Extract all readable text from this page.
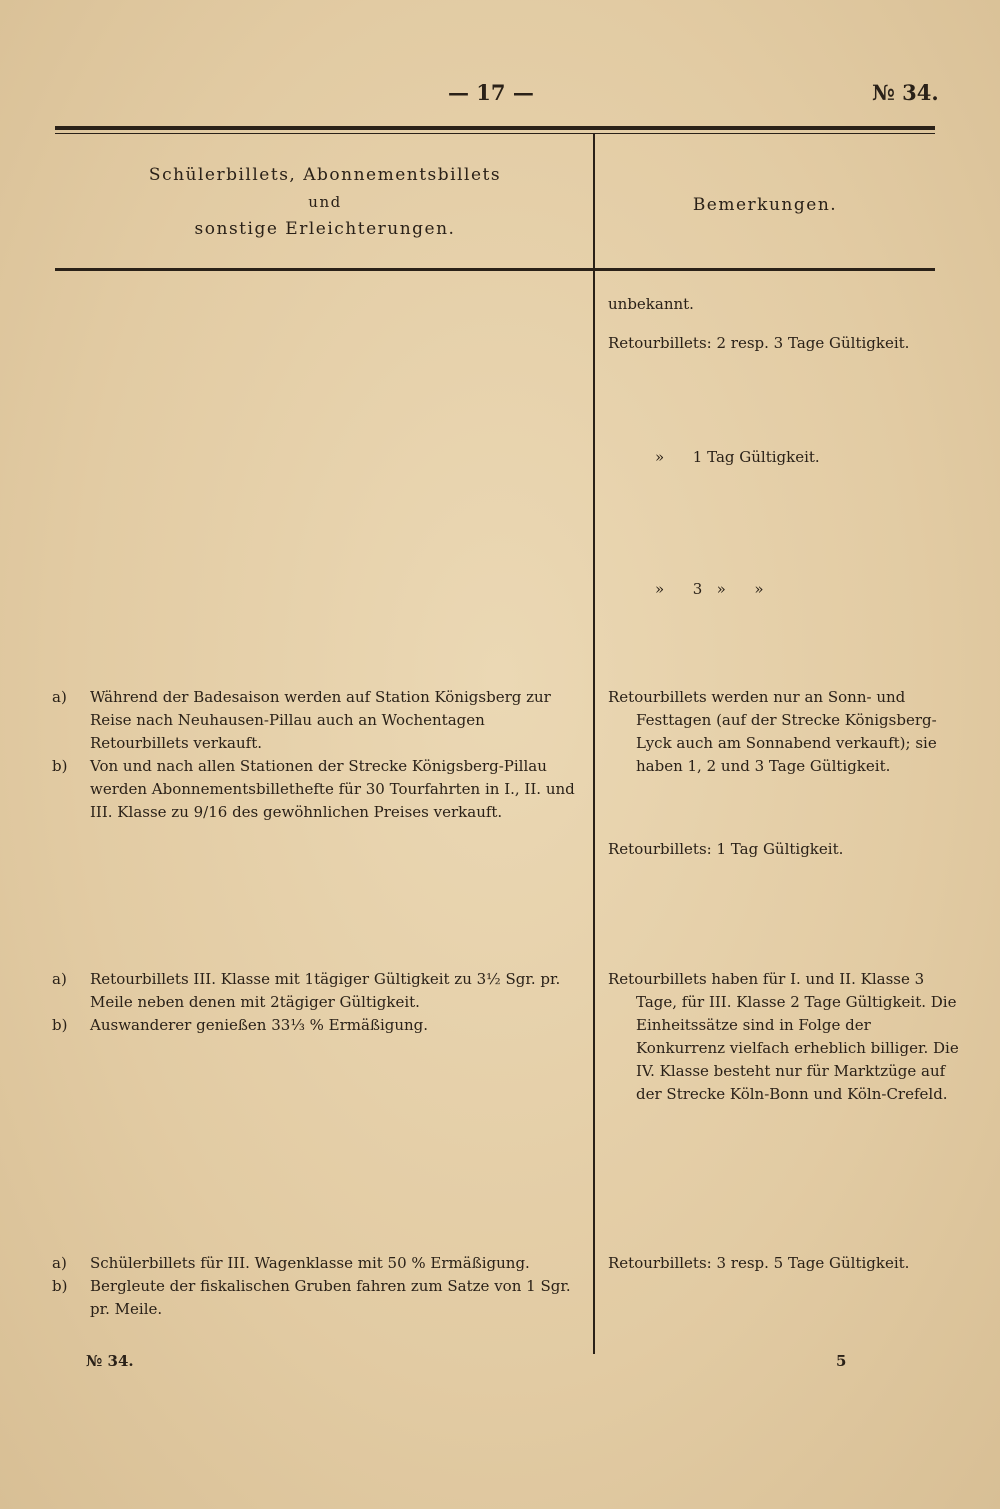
— 17 —	№ 34.
Schülerbillets, Abonnementsbillets
und
sonstige Erleichterungen.
Bemerkungen.
unbekannt.
Retourbillets: 2 resp. 3 Tage Gültigkeit.
»      1 Tag Gültigkeit.
»      3   »      »
a) Während der Badesaison werden auf Station Königsberg zur Reise nach Neuhausen-Pillau auch an Wochentagen Retourbillets verkauft.
b) Von und nach allen Stationen der Strecke Königsberg-Pillau werden Abonnementsbillethefte für 30 Tourfahrten in I., II. und III. Klasse zu 9/16 des gewöhnlichen Preises verkauft.
Retourbillets werden nur an Sonn- und Festtagen (auf der Strecke Königsberg-Lyck auch am Sonnabend verkauft); sie haben 1, 2 und 3 Tage Gültigkeit.
Retourbillets: 1 Tag Gültigkeit.
a) Retourbillets III. Klasse mit 1tägiger Gültigkeit zu 3½ Sgr. pr. Meile neben denen mit 2tägiger Gültigkeit.
b) Auswanderer genießen 33⅓ % Ermäßigung.
Retourbillets haben für I. und II. Klasse 3 Tage, für III. Klasse 2 Tage Gültigkeit. Die Einheitssätze sind in Folge der Konkurrenz vielfach erheblich billiger. Die IV. Klasse besteht nur für Marktzüge auf der Strecke Köln-Bonn und Köln-Crefeld.
a) Schülerbillets für III. Wagenklasse mit 50 % Ermäßigung.
b) Bergleute der fiskalischen Gruben fahren zum Satze von 1 Sgr. pr. Meile.
Retourbillets: 3 resp. 5 Tage Gültigkeit.
№ 34.	5
